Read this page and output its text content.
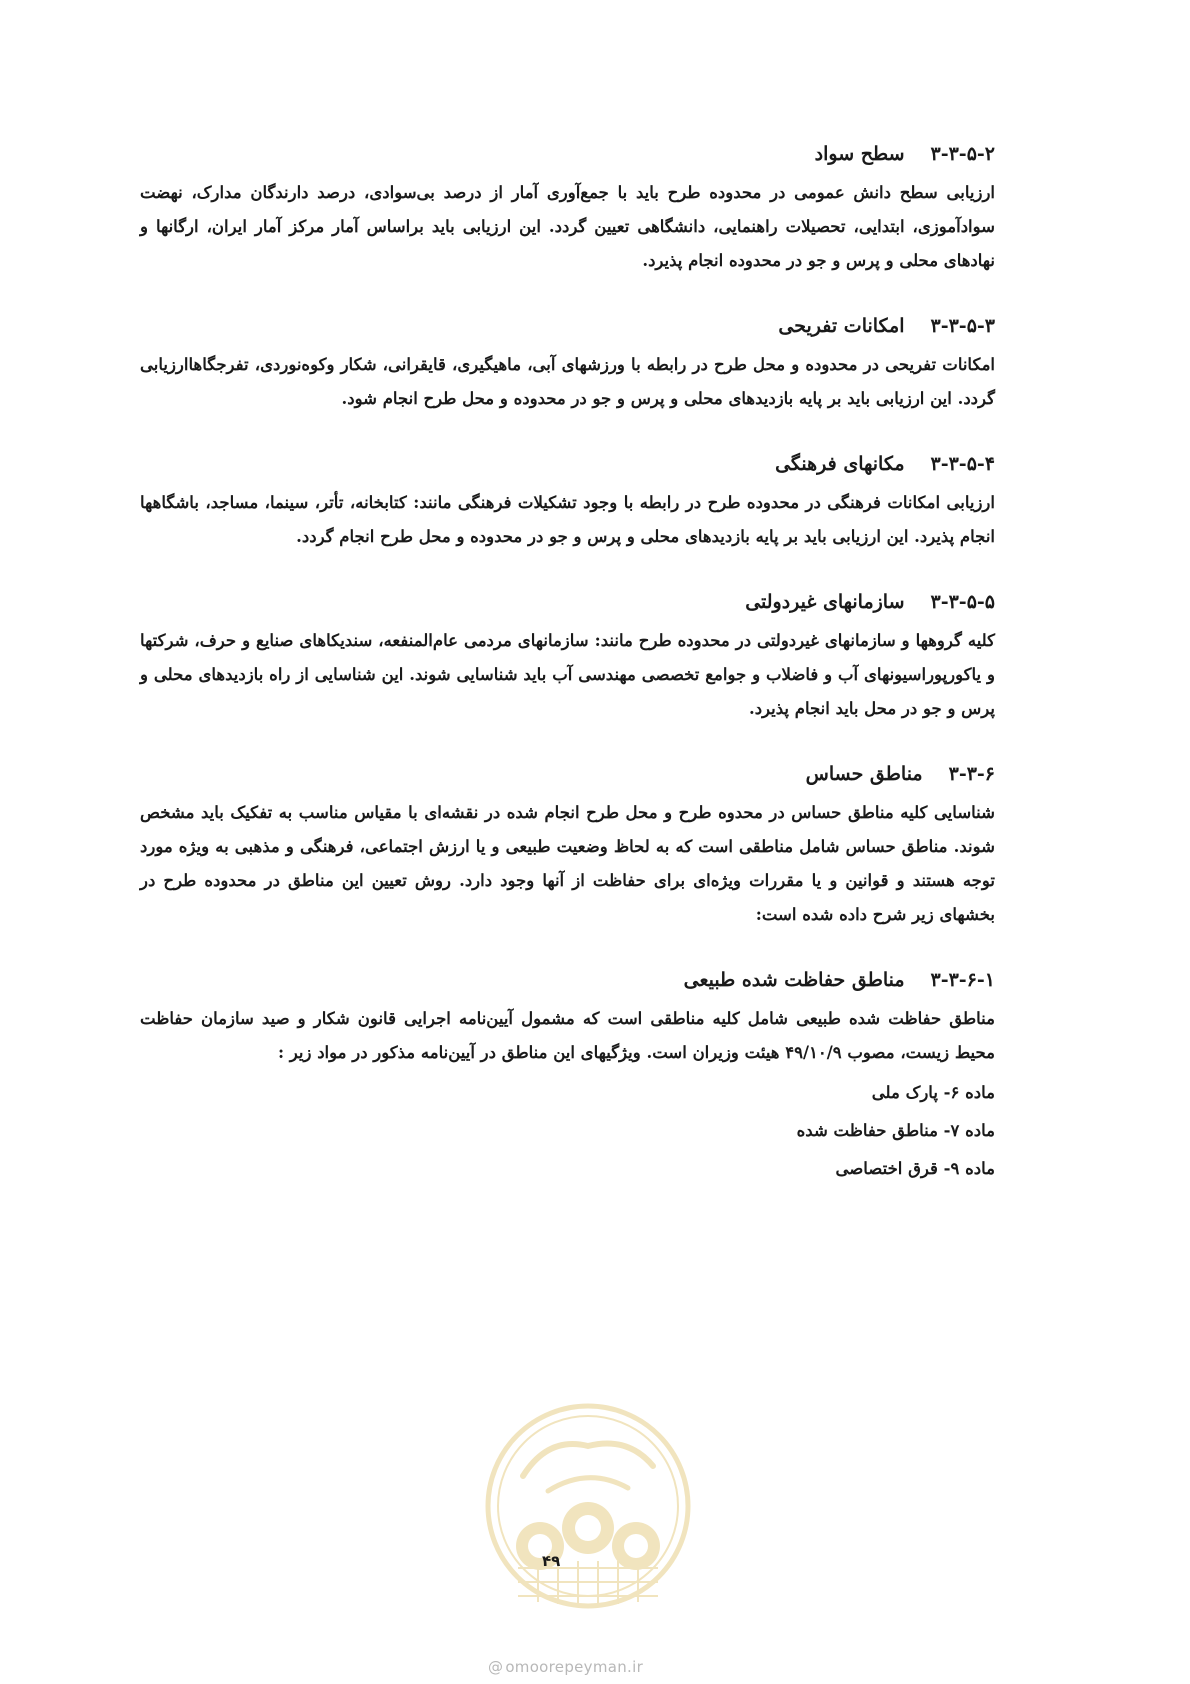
۳-۳-۵-۲سطح سواد

ارزیابی سطح دانش عمومی در محدوده طرح باید با جمع‌آوری آمار از درصد بی‌سوادی، درصد دارندگان مدارک، نهضت سوادآموزی، ابتدایی، تحصیلات راهنمایی، دانشگاهی تعیین گردد. این ارزیابی باید براساس آمار مرکز آمار ایران، ارگانها و نهادهای محلی و پرس و جو در محدوده انجام پذیرد.

۳-۳-۵-۳امکانات تفریحی

امکانات تفریحی در محدوده و محل طرح در رابطه با ورزشهای آبی، ماهیگیری، قایقرانی، شکار وکوه‌نوردی، تفرجگاهاارزیابی گردد. این ارزیابی باید بر پایه بازدیدهای محلی و پرس و جو در محدوده و محل طرح انجام شود.

۳-۳-۵-۴مکانهای فرهنگی

ارزیابی امکانات فرهنگی در محدوده طرح در رابطه با وجود تشکیلات فرهنگی مانند: کتابخانه، تأتر، سینما، مساجد، باشگاهها انجام پذیرد. این ارزیابی باید بر پایه بازدیدهای محلی و پرس و جو در محدوده و محل طرح انجام گردد.

۳-۳-۵-۵سازمانهای غیردولتی

کلیه گروهها و سازمانهای غیردولتی در محدوده طرح مانند: سازمانهای مردمی عام‌المنفعه، سندیکاهای صنایع و حرف، شرکتها و یاکورپوراسیونهای آب و فاضلاب و جوامع تخصصی مهندسی آب باید شناسایی شوند. این شناسایی از راه بازدیدهای محلی و پرس و جو در محل باید انجام پذیرد.

۳-۳-۶مناطق حساس

شناسایی کلیه مناطق حساس در محدوه طرح و محل طرح انجام شده در نقشه‌ای با مقیاس مناسب به تفکیک باید مشخص شوند. مناطق حساس شامل مناطقی است که به لحاظ وضعیت طبیعی و یا ارزش اجتماعی، فرهنگی و مذهبی به ویژه مورد توجه هستند و قوانین و یا مقررات ویژه‌ای برای حفاظت از آنها وجود دارد. روش تعیین این مناطق در محدوده طرح در بخشهای زیر شرح داده شده است:

۳-۳-۶-۱مناطق حفاظت شده طبیعی

مناطق حفاظت شده طبیعی شامل کلیه مناطقی است که مشمول آیین‌نامه اجرایی قانون شکار و صید سازمان حفاظت محیط زیست، مصوب ۴۹/۱۰/۹ هیئت وزیران است. ویژگیهای این مناطق در آیین‌نامه مذکور در مواد زیر :

ماده ۶- پارک ملی
ماده ۷- مناطق حفاظت شده
ماده ۹- قرق اختصاصی
۴۹
@ omoorepeyman.ir
